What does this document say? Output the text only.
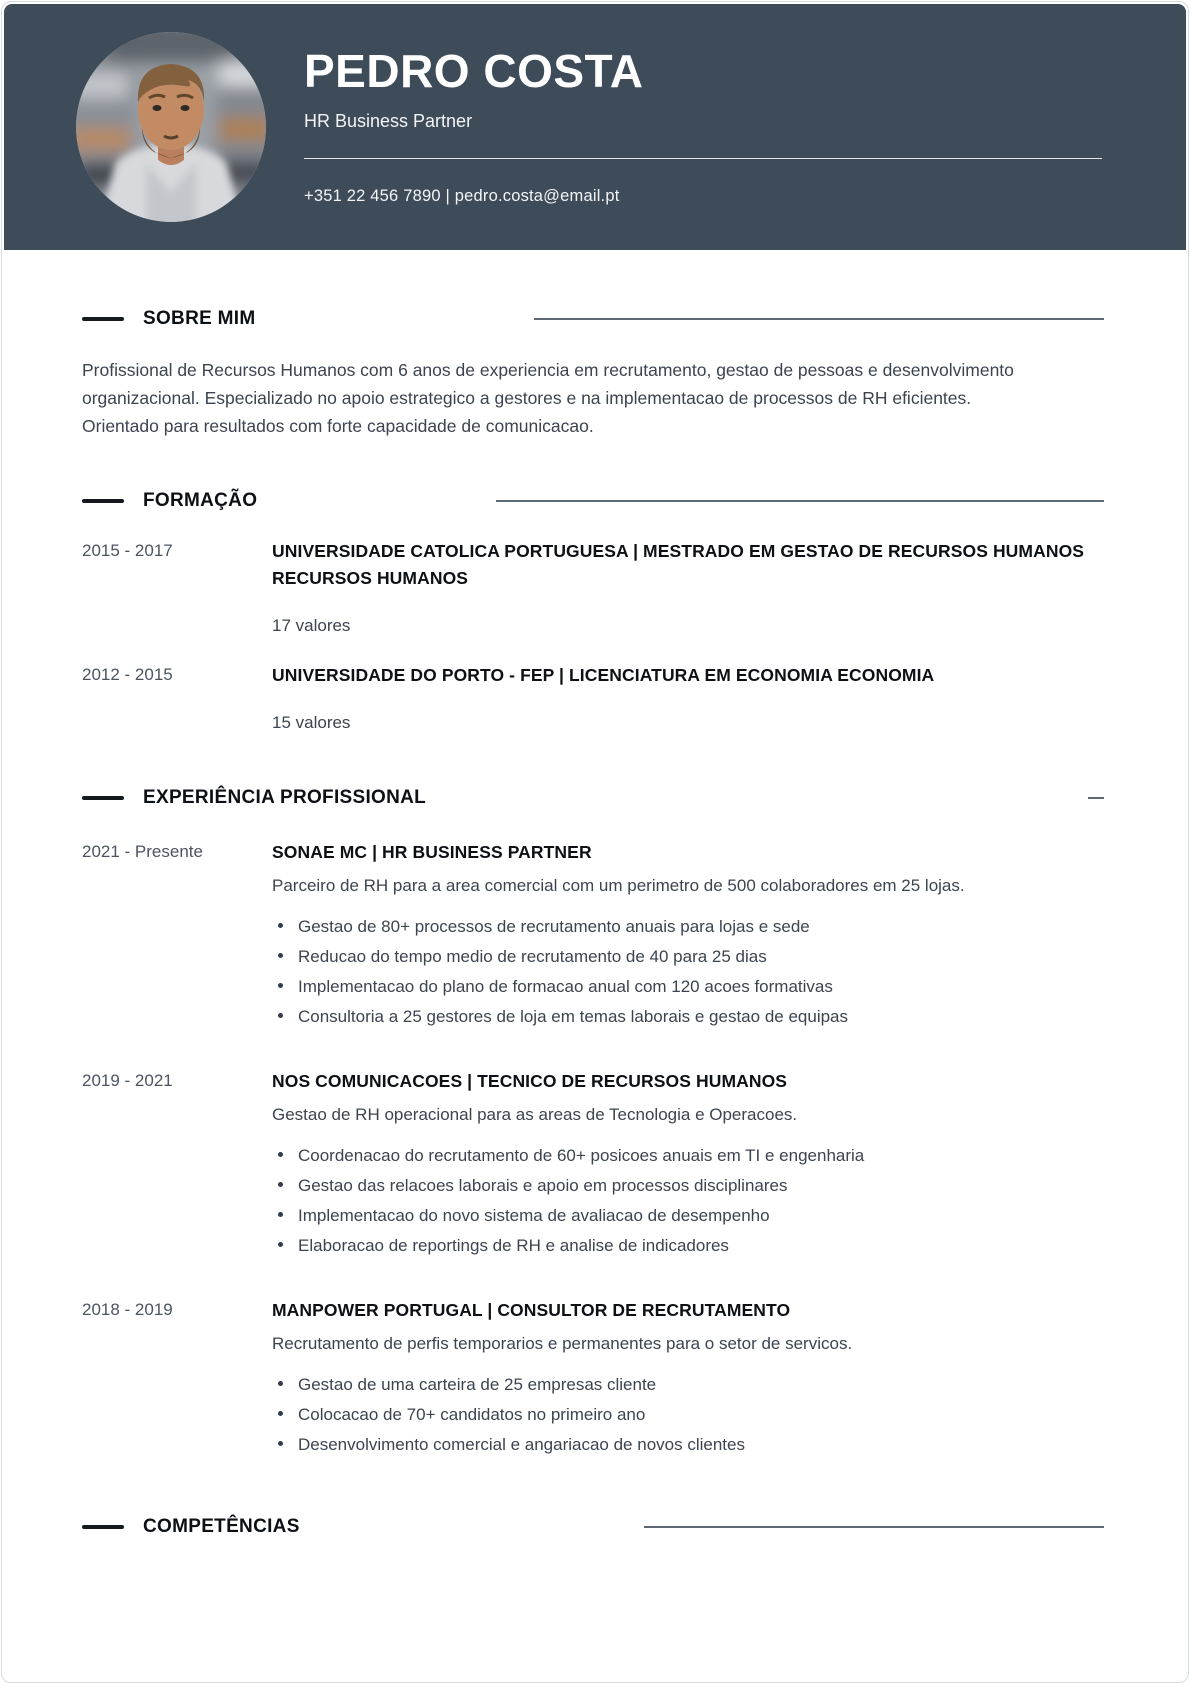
PEDRO COSTA
HR Business Partner
+351 22 456 7890 | pedro.costa@email.pt
SOBRE MIM

Profissional de Recursos Humanos com 6 anos de experiencia em recrutamento, gestao de pessoas e desenvolvimento organizacional. Especializado no apoio estrategico a gestores e na implementacao de processos de RH eficientes. Orientado para resultados com forte capacidade de comunicacao.

FORMAÇÃO
2015 - 2017	UNIVERSIDADE CATOLICA PORTUGUESA | MESTRADO EM GESTAO DE RECURSOS HUMANOS RECURSOS HUMANOS
17 valores
2012 - 2015	UNIVERSIDADE DO PORTO - FEP | LICENCIATURA EM ECONOMIA ECONOMIA
15 valores
EXPERIÊNCIA PROFISSIONAL
2021 - Presente	SONAE MC | HR BUSINESS PARTNER
Parceiro de RH para a area comercial com um perimetro de 500 colaboradores em 25 lojas.
Gestao de 80+ processos de recrutamento anuais para lojas e sede
Reducao do tempo medio de recrutamento de 40 para 25 dias
Implementacao do plano de formacao anual com 120 acoes formativas
Consultoria a 25 gestores de loja em temas laborais e gestao de equipas
2019 - 2021	NOS COMUNICACOES | TECNICO DE RECURSOS HUMANOS
Gestao de RH operacional para as areas de Tecnologia e Operacoes.
Coordenacao do recrutamento de 60+ posicoes anuais em TI e engenharia
Gestao das relacoes laborais e apoio em processos disciplinares
Implementacao do novo sistema de avaliacao de desempenho
Elaboracao de reportings de RH e analise de indicadores
2018 - 2019	MANPOWER PORTUGAL | CONSULTOR DE RECRUTAMENTO
Recrutamento de perfis temporarios e permanentes para o setor de servicos.
Gestao de uma carteira de 25 empresas cliente
Colocacao de 70+ candidatos no primeiro ano
Desenvolvimento comercial e angariacao de novos clientes
COMPETÊNCIAS
